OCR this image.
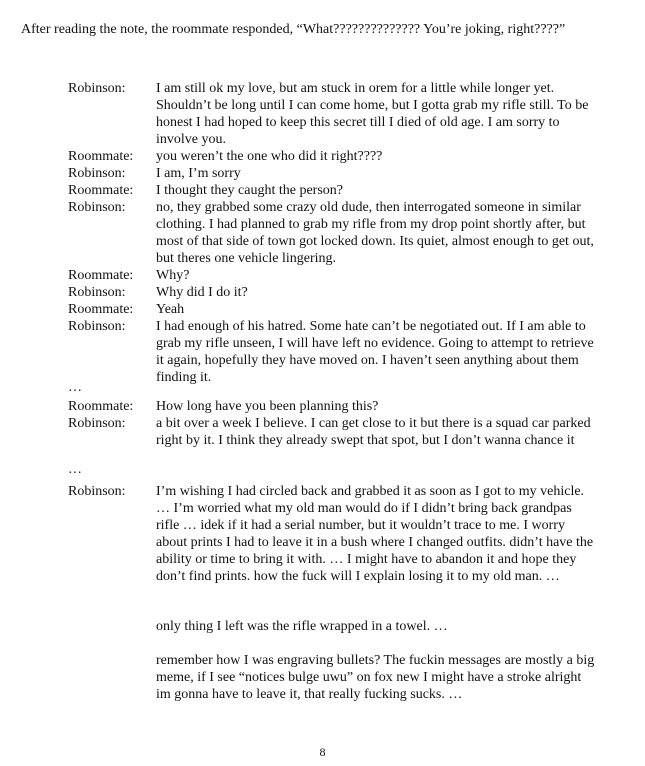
After reading the note, the roommate responded, “What?????????????? You’re joking, right????”
Robinson:	I am still ok my love, but am stuck in orem for a little while longer yet. Shouldn’t be long until I can come home, but I gotta grab my rifle still. To be honest I had hoped to keep this secret till I died of old age. I am sorry to involve you.
Roommate:	you weren’t the one who did it right????
Robinson:	I am, I’m sorry
Roommate:	I thought they caught the person?
Robinson:	no, they grabbed some crazy old dude, then interrogated someone in similar clothing. I had planned to grab my rifle from my drop point shortly after, but most of that side of town got locked down. Its quiet, almost enough to get out, but theres one vehicle lingering.
Roommate:	Why?
Robinson:	Why did I do it?
Roommate:	Yeah
Robinson:	I had enough of his hatred. Some hate can’t be negotiated out. If I am able to grab my rifle unseen, I will have left no evidence. Going to attempt to retrieve it again, hopefully they have moved on. I haven’t seen anything about them finding it.
…
Roommate:	How long have you been planning this?
Robinson:	a bit over a week I believe. I can get close to it but there is a squad car parked right by it. I think they already swept that spot, but I don’t wanna chance it
…
Robinson:	I’m wishing I had circled back and grabbed it as soon as I got to my vehicle. … I’m worried what my old man would do if I didn’t bring back grandpas rifle … idek if it had a serial number, but it wouldn’t trace to me. I worry about prints I had to leave it in a bush where I changed outfits. didn’t have the ability or time to bring it with. … I might have to abandon it and hope they don’t find prints. how the fuck will I explain losing it to my old man. …
only thing I left was the rifle wrapped in a towel. …
remember how I was engraving bullets? The fuckin messages are mostly a big meme, if I see “notices bulge uwu” on fox new I might have a stroke alright im gonna have to leave it, that really fucking sucks. …
8
